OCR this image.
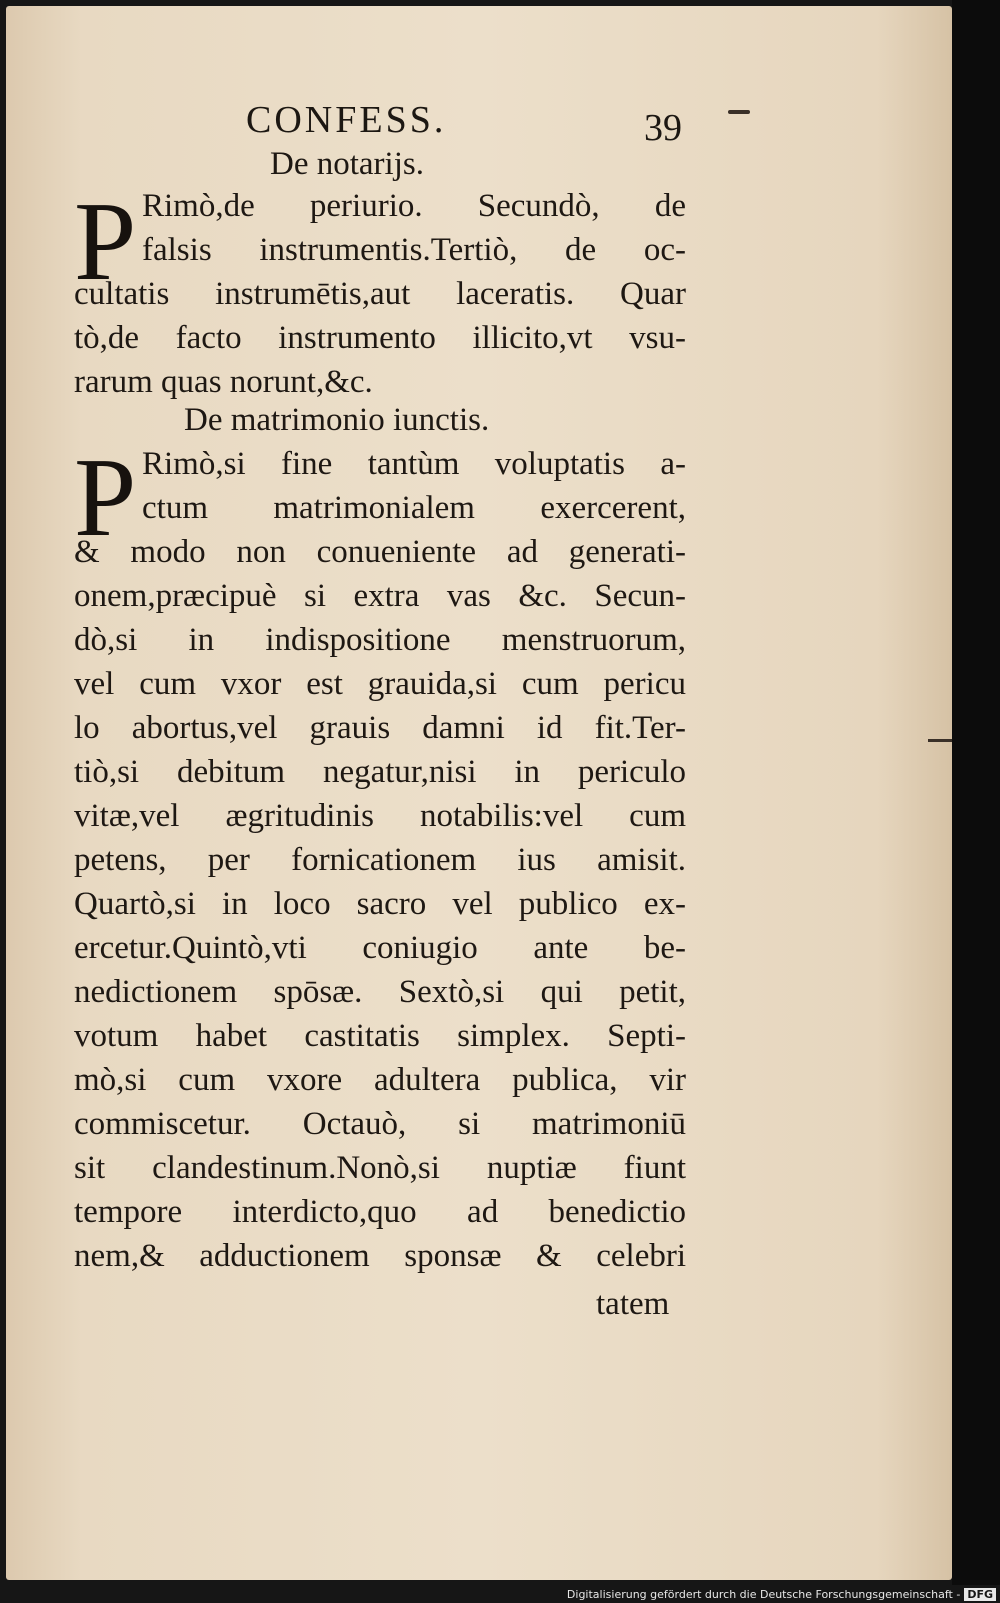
CONFESS.	39
De notarijs.
P Rimò,de periurio. Secundò, de
falsis instrumentis.Tertiò, de oc-
cultatis instrumētis,aut laceratis. Quar
tò,de facto instrumento illicito,vt vsu-
rarum quas norunt,&c.
De matrimonio iunctis.
P Rimò,si fine tantùm voluptatis a-
ctum matrimonialem exercerent,
& modo non conueniente ad generati-
onem,præcipuè si extra vas &c. Secun-
dò,si in indispositione menstruorum,
vel cum vxor est grauida,si cum pericu
lo abortus,vel grauis damni id fit.Ter-
tiò,si debitum negatur,nisi in periculo
vitæ,vel ægritudinis notabilis:vel cum
petens, per fornicationem ius amisit.
Quartò,si in loco sacro vel publico ex-
ercetur.Quintò,vti coniugio ante be-
nedictionem spōsæ. Sextò,si qui petit,
votum habet castitatis simplex. Septi-
mò,si cum vxore adultera publica, vir
commiscetur. Octauò, si matrimoniū
sit clandestinum.Nonò,si nuptiæ fiunt
tempore interdicto,quo ad benedictio
nem,& adductionem sponsæ & celebri
tatem
Digitalisierung gefördert durch die Deutsche Forschungsgemeinschaft - DFG
